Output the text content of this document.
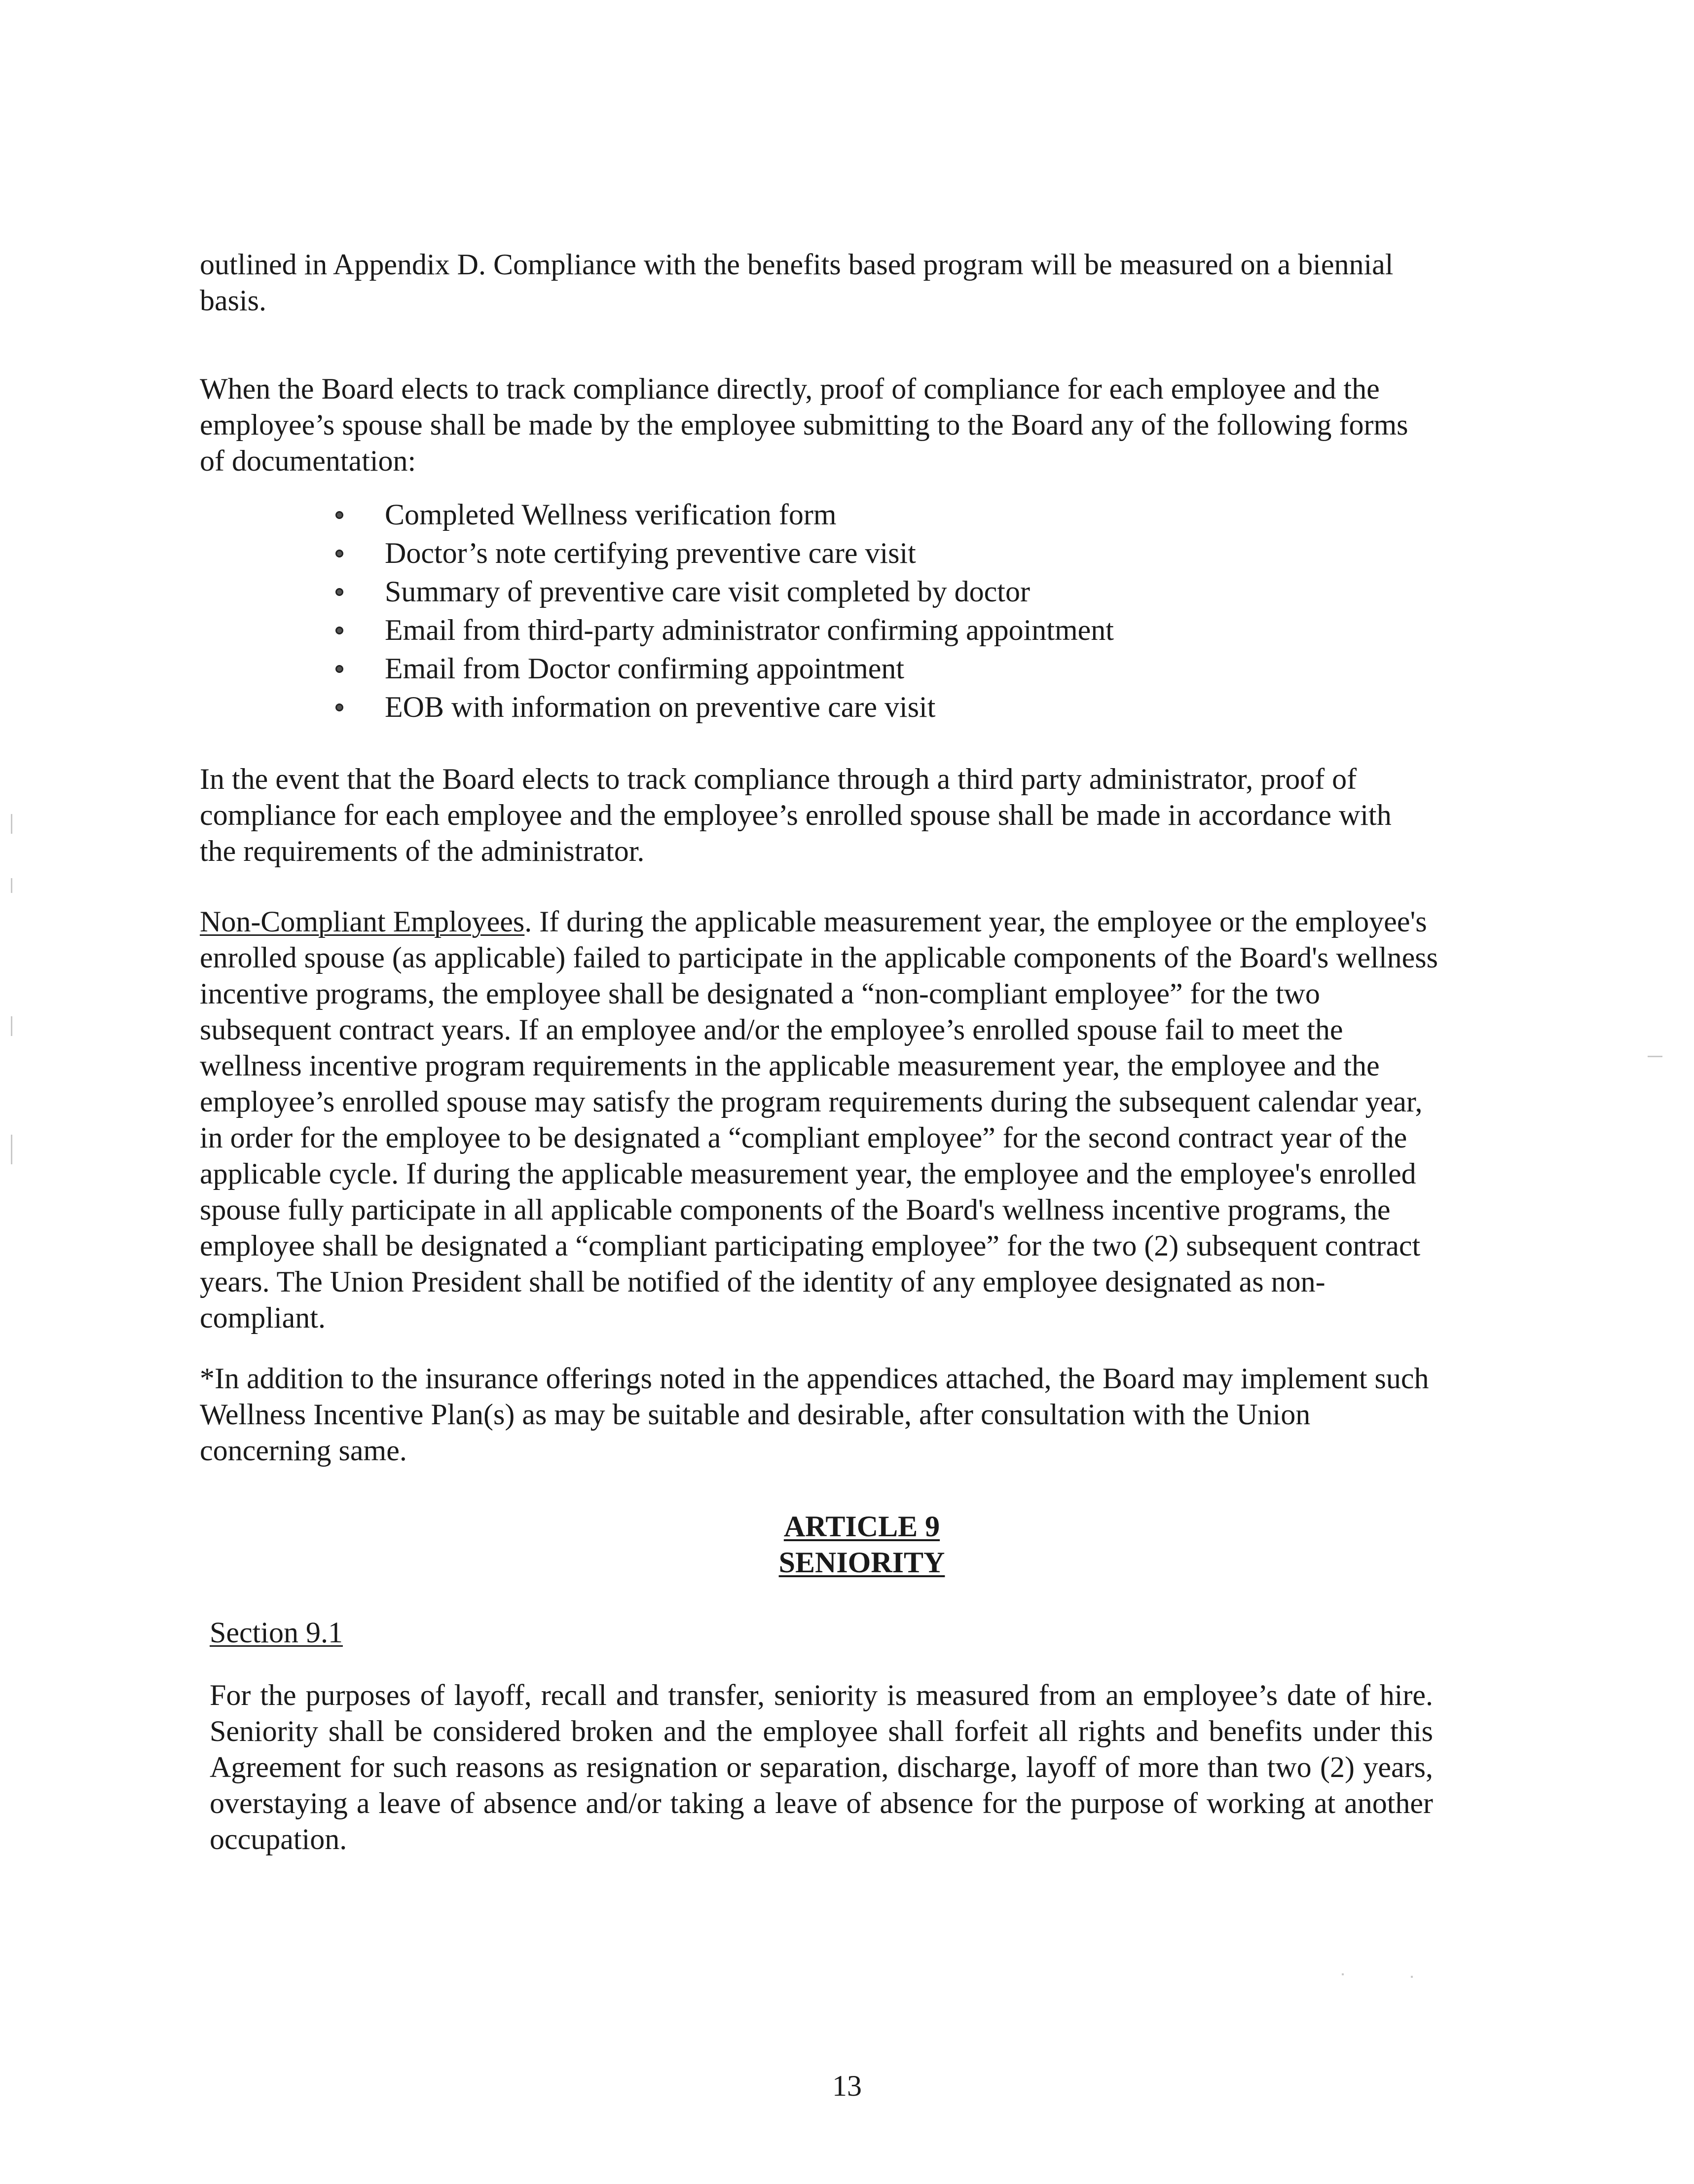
outlined in Appendix D. Compliance with the benefits based program will be measured on a biennial basis.

When the Board elects to track compliance directly, proof of compliance for each employee and the employee’s spouse shall be made by the employee submitting to the Board any of the following forms of documentation:

Completed Wellness verification form
Doctor’s note certifying preventive care visit
Summary of preventive care visit completed by doctor
Email from third-party administrator confirming appointment
Email from Doctor confirming appointment
EOB with information on preventive care visit

In the event that the Board elects to track compliance through a third party administrator, proof of compliance for each employee and the employee’s enrolled spouse shall be made in accordance with the requirements of the administrator.

Non-Compliant Employees. If during the applicable measurement year, the employee or the employee's enrolled spouse (as applicable) failed to participate in the applicable components of the Board's wellness incentive programs, the employee shall be designated a “non-compliant employee” for the two subsequent contract years. If an employee and/or the employee’s enrolled spouse fail to meet the wellness incentive program requirements in the applicable measurement year, the employee and the employee’s enrolled spouse may satisfy the program requirements during the subsequent calendar year, in order for the employee to be designated a “compliant employee” for the second contract year of the applicable cycle. If during the applicable measurement year, the employee and the employee's enrolled spouse fully participate in all applicable components of the Board's wellness incentive programs, the employee shall be designated a “compliant participating employee” for the two (2) subsequent contract years. The Union President shall be notified of the identity of any employee designated as non-compliant.

*In addition to the insurance offerings noted in the appendices attached, the Board may implement such Wellness Incentive Plan(s) as may be suitable and desirable, after consultation with the Union concerning same.

ARTICLE 9

SENIORITY

Section 9.1

For the purposes of layoff, recall and transfer, seniority is measured from an employee’s date of hire. Seniority shall be considered broken and the employee shall forfeit all rights and benefits under this Agreement for such reasons as resignation or separation, discharge, layoff of more than two (2) years, overstaying a leave of absence and/or taking a leave of absence for the purpose of working at another occupation.

13
